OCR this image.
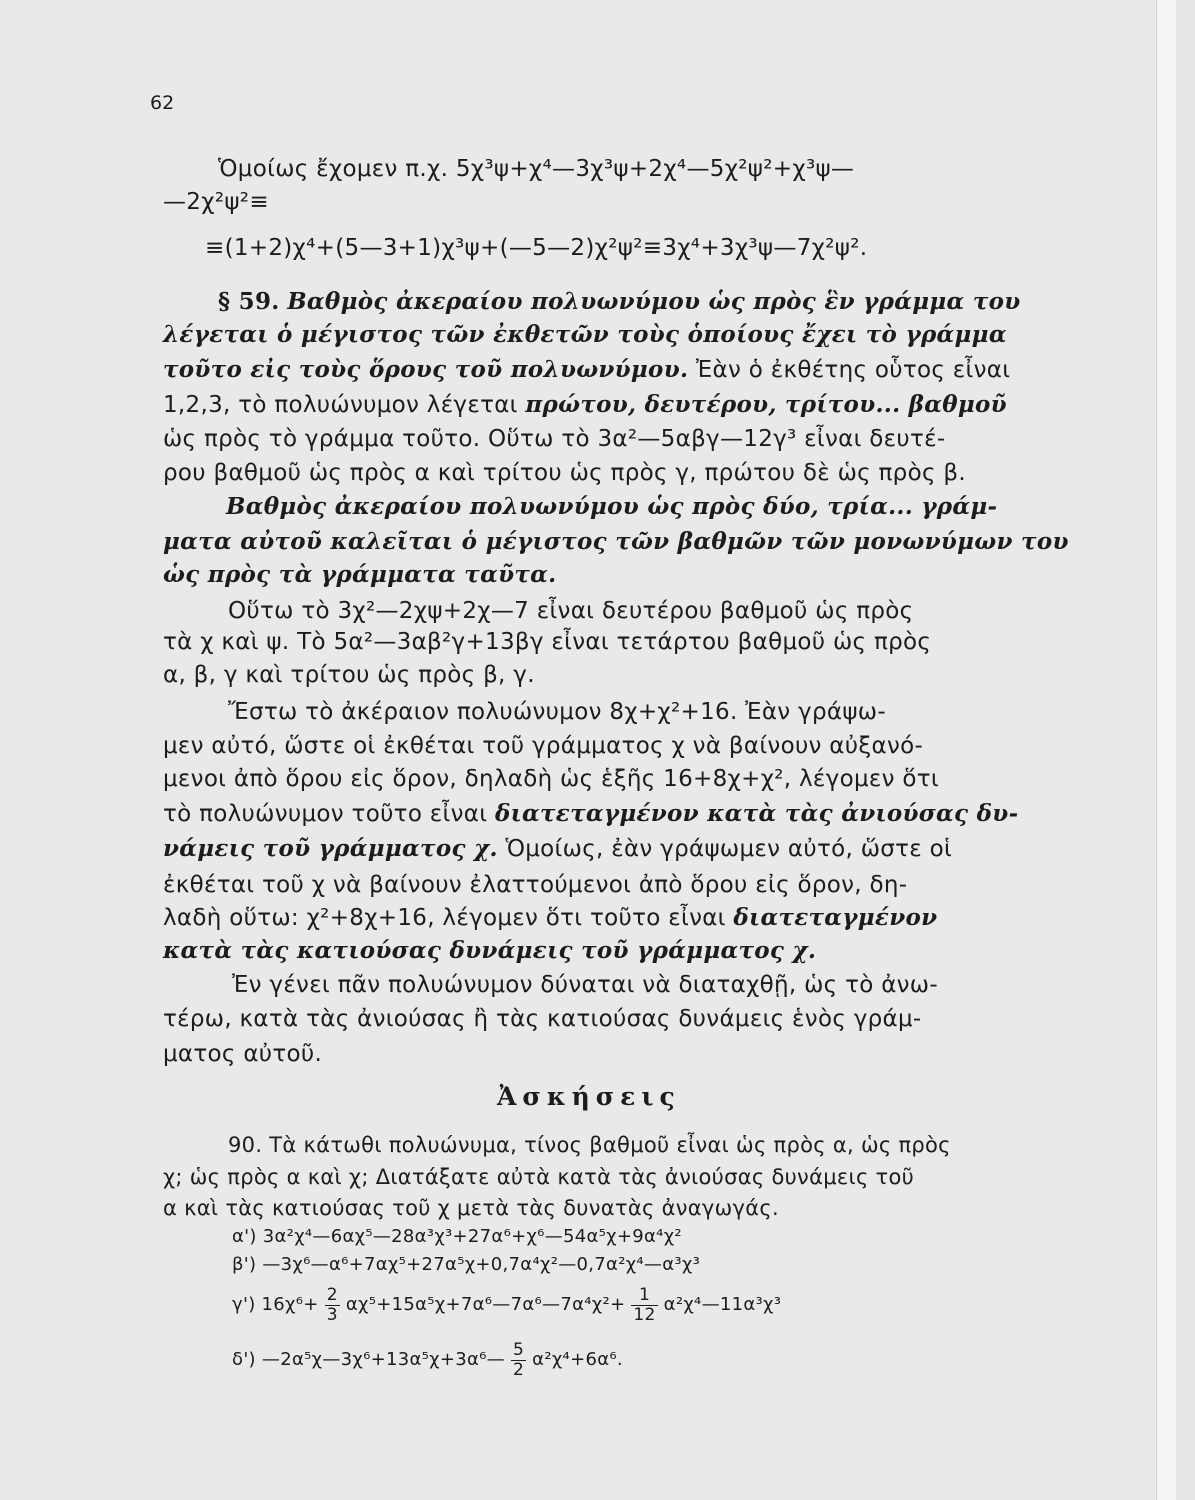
62
Ὁμοίως ἔχομεν π.χ. 5χ³ψ+χ⁴—3χ³ψ+2χ⁴—5χ²ψ²+χ³ψ—
—2χ²ψ²≡
≡(1+2)χ⁴+(5—3+1)χ³ψ+(—5—2)χ²ψ²≡3χ⁴+3χ³ψ—7χ²ψ².
§ 59. Βαθμὸς ἀκεραίου πολυωνύμου ὡς πρὸς ἓν γράμμα του
λέγεται ὁ μέγιστος τῶν ἐκθετῶν τοὺς ὁποίους ἔχει τὸ γράμμα
τοῦτο εἰς τοὺς ὅρους τοῦ πολυωνύμου. Ἐὰν ὁ ἐκθέτης οὗτος εἶναι
1,2,3, τὸ πολυώνυμον λέγεται πρώτου, δευτέρου, τρίτου... βαθμοῦ
ὡς πρὸς τὸ γράμμα τοῦτο. Οὕτω τὸ 3α²—5αβγ—12γ³ εἶναι δευτέ-
ρου βαθμοῦ ὡς πρὸς α καὶ τρίτου ὡς πρὸς γ, πρώτου δὲ ὡς πρὸς β.
Βαθμὸς ἀκεραίου πολυωνύμου ὡς πρὸς δύο, τρία... γράμ-
ματα αὐτοῦ καλεῖται ὁ μέγιστος τῶν βαθμῶν τῶν μονωνύμων του
ὡς πρὸς τὰ γράμματα ταῦτα.
Οὕτω τὸ 3χ²—2χψ+2χ—7 εἶναι δευτέρου βαθμοῦ ὡς πρὸς
τὰ χ καὶ ψ. Τὸ 5α²—3αβ²γ+13βγ εἶναι τετάρτου βαθμοῦ ὡς πρὸς
α, β, γ καὶ τρίτου ὡς πρὸς β, γ.
Ἔστω τὸ ἀκέραιον πολυώνυμον 8χ+χ²+16. Ἐὰν γράψω-
μεν αὐτό, ὥστε οἱ ἐκθέται τοῦ γράμματος χ νὰ βαίνουν αὐξανό-
μενοι ἀπὸ ὅρου εἰς ὅρον, δηλαδὴ ὡς ἑξῆς 16+8χ+χ², λέγομεν ὅτι
τὸ πολυώνυμον τοῦτο εἶναι διατεταγμένον κατὰ τὰς ἀνιούσας δυ-
νάμεις τοῦ γράμματος χ. Ὁμοίως, ἐὰν γράψωμεν αὐτό, ὥστε οἱ
ἐκθέται τοῦ χ νὰ βαίνουν ἐλαττούμενοι ἀπὸ ὅρου εἰς ὅρον, δη-
λαδὴ οὕτω: χ²+8χ+16, λέγομεν ὅτι τοῦτο εἶναι διατεταγμένον
κατὰ τὰς κατιούσας δυνάμεις τοῦ γράμματος χ.
Ἐν γένει πᾶν πολυώνυμον δύναται νὰ διαταχθῇ, ὡς τὸ ἀνω-
τέρω, κατὰ τὰς ἀνιούσας ἢ τὰς κατιούσας δυνάμεις ἑνὸς γράμ-
ματος αὐτοῦ.
Ἀσκήσεις
90. Τὰ κάτωθι πολυώνυμα, τίνος βαθμοῦ εἶναι ὡς πρὸς α, ὡς πρὸς
χ; ὡς πρὸς α καὶ χ; Διατάξατε αὐτὰ κατὰ τὰς ἀνιούσας δυνάμεις τοῦ
α καὶ τὰς κατιούσας τοῦ χ μετὰ τὰς δυνατὰς ἀναγωγάς.
α') 3α²χ⁴—6αχ⁵—28α³χ³+27α⁶+χ⁶—54α⁵χ+9α⁴χ²
β') —3χ⁶—α⁶+7αχ⁵+27α⁵χ+0,7α⁴χ²—0,7α²χ⁴—α³χ³
γ') $16\chi^6+ \frac{2}{3}$ αχ⁵+15α⁵χ+7α⁶—7α⁶—7α⁴χ²+ $\frac{1}{12}$ α²χ⁴—11α³χ³
δ') —2α⁵χ—3χ⁶+13α⁵χ+3α⁶— $\frac{5}{2} \alpha^2\chi^4+6\alpha^6$.
